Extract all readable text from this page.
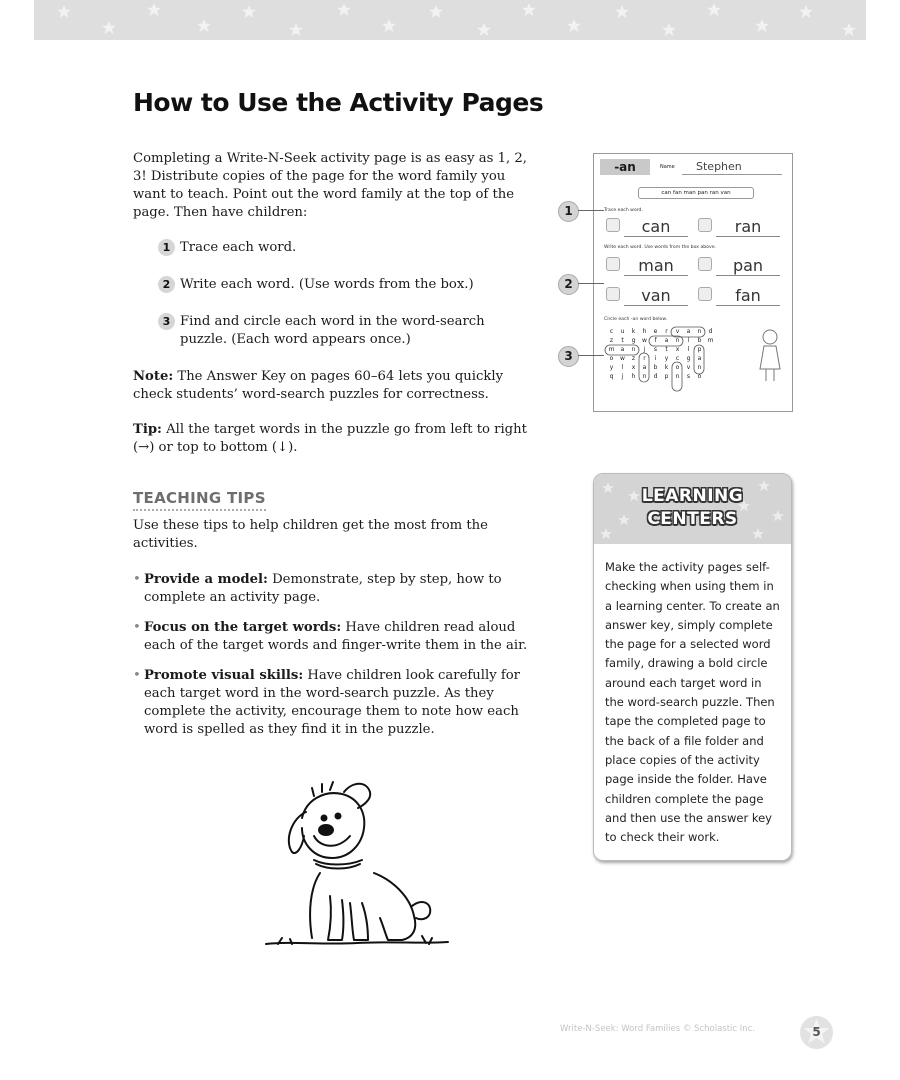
How to Use the Activity Pages
Completing a Write-N-Seek activity page is as easy as 1, 2, 3! Distribute copies of the page for the word family you want to teach. Point out the word family at the top of the page. Then have children:
1 Trace each word.
2 Write each word. (Use words from the box.)
3 Find and circle each word in the word-search puzzle. (Each word appears once.)
Note: The Answer Key on pages 60–64 lets you quickly check students’ word-search puzzles for correctness.
Tip: All the target words in the puzzle go from left to right (→) or top to bottom (↓).
TEACHING TIPS
Use these tips to help children get the most from the activities.
• Provide a model: Demonstrate, step by step, how to complete an activity page.
• Focus on the target words: Have children read aloud each of the target words and finger-write them in the air.
• Promote visual skills: Have children look carefully for each target word in the word-search puzzle. As they complete the activity, encourage them to note how each word is spelled as they find it in the puzzle.
-an	Name Stephen
can fan man pan ran van
Trace each word.
can	ran
Write each word. Use words from the box above.
man	pan
van	fan
Circle each -an word below.
c	u	k	h	e	r	v	a	n	d
z	t	g	w	f	a	n	l	b	m
m	a	n	j	s	t	x	l	p	
o	w	z	r	i	y	c	g	a	
y	l	x	a	b	k	o	v	n	
q	j	h	n	d	p	n	s	o	
1
2
3
LEARNING
CENTERS
Make the activity pages self-checking when using them in a learning center. To create an answer key, simply complete the page for a selected word family, drawing a bold circle around each target word in the word-search puzzle. Then tape the completed page to the back of a file folder and place copies of the activity page inside the folder. Have children complete the page and then use the answer key to check their work.
Write-N-Seek: Word Families © Scholastic Inc.	5
